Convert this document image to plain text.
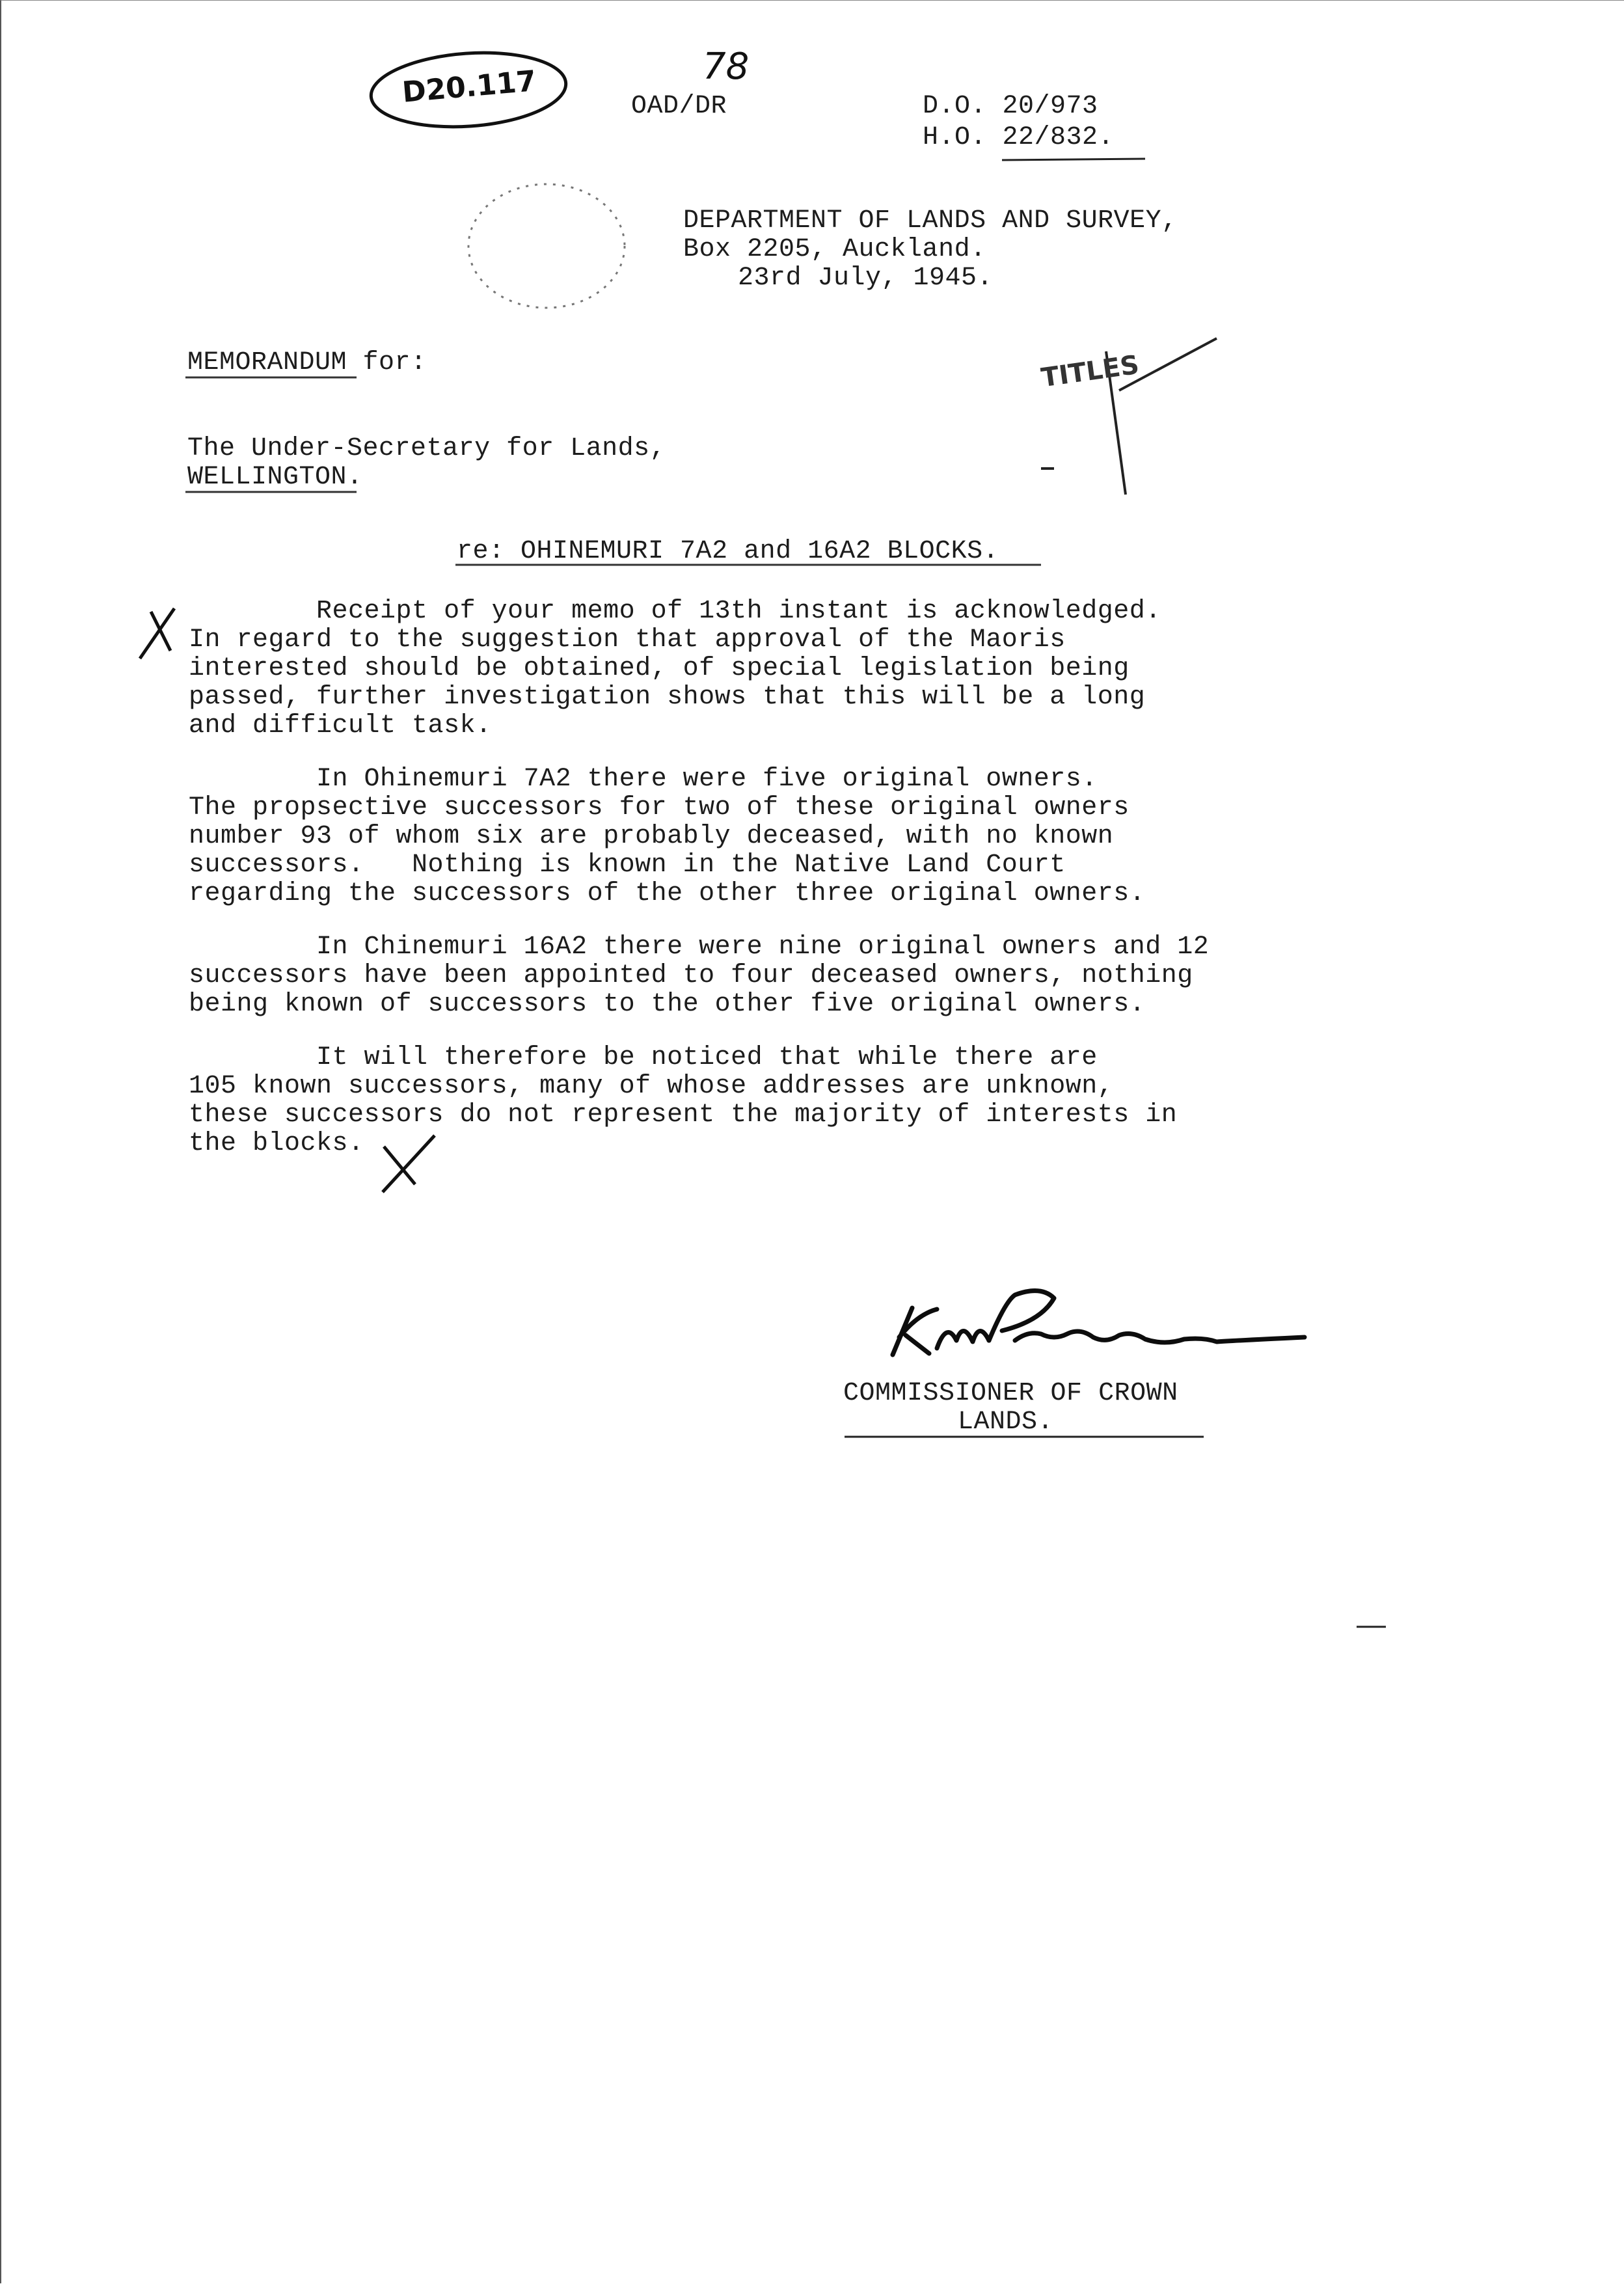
D20.117	78
OAD/DR	D.O. 20/973
H.O. 22/832.
DEPARTMENT OF LANDS AND SURVEY,
Box 2205, Auckland.
23rd July, 1945.
TITLES
MEMORANDUM for:
The Under-Secretary for Lands,
WELLINGTON.
re: OHINEMURI 7A2 and 16A2 BLOCKS.
Receipt of your memo of 13th instant is acknowledged.
In regard to the suggestion that approval of the Maoris
interested should be obtained, of special legislation being
passed, further investigation shows that this will be a long
and difficult task.
In Ohinemuri 7A2 there were five original owners.
The propsective successors for two of these original owners
number 93 of whom six are probably deceased, with no known
successors.   Nothing is known in the Native Land Court
regarding the successors of the other three original owners.
In Chinemuri 16A2 there were nine original owners and 12
successors have been appointed to four deceased owners, nothing
being known of successors to the other five original owners.
It will therefore be noticed that while there are
105 known successors, many of whose addresses are unknown,
these successors do not represent the majority of interests in
the blocks.
COMMISSIONER OF CROWN
LANDS.
